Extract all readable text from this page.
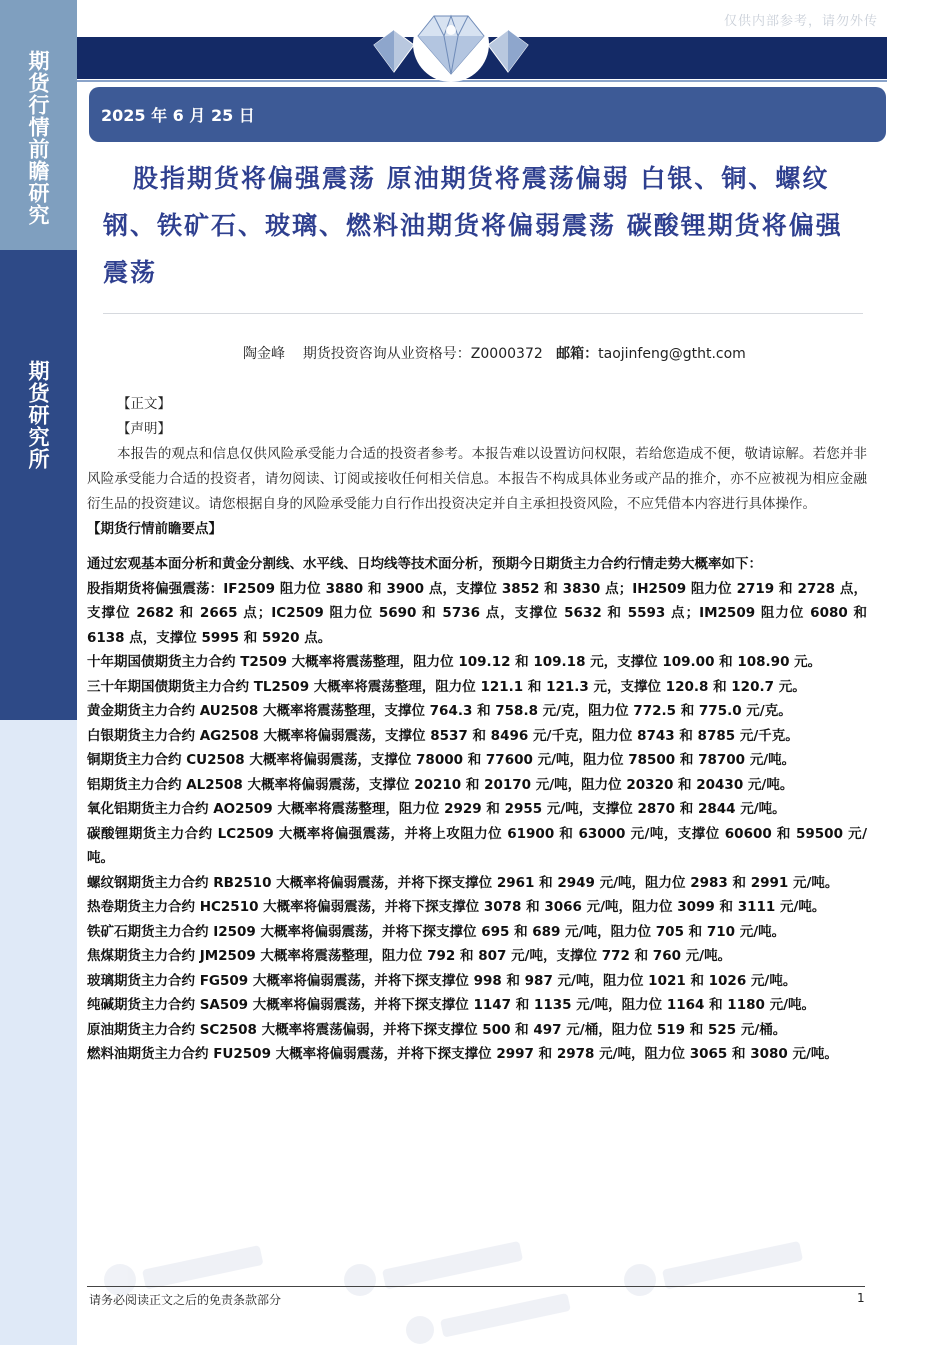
期货行情前瞻研究
期货研究所
仅供内部参考，请勿外传
2025 年 6 月 25 日
股指期货将偏强震荡 原油期货将震荡偏弱 白银、铜、螺纹钢、铁矿石、玻璃、燃料油期货将偏弱震荡 碳酸锂期货将偏强震荡
陶金峰 期货投资咨询从业资格号：Z0000372 邮箱：taojinfeng@gtht.com

【正文】

【声明】

本报告的观点和信息仅供风险承受能力合适的投资者参考。本报告难以设置访问权限，若给您造成不便，敬请谅解。若您并非风险承受能力合适的投资者，请勿阅读、订阅或接收任何相关信息。本报告不构成具体业务或产品的推介，亦不应被视为相应金融衍生品的投资建议。请您根据自身的风险承受能力自行作出投资决定并自主承担投资风险，不应凭借本内容进行具体操作。

【期货行情前瞻要点】

通过宏观基本面分析和黄金分割线、水平线、日均线等技术面分析，预期今日期货主力合约行情走势大概率如下：

股指期货将偏强震荡：IF2509 阻力位 3880 和 3900 点，支撑位 3852 和 3830 点；IH2509 阻力位 2719 和 2728 点，支撑位 2682 和 2665 点；IC2509 阻力位 5690 和 5736 点，支撑位 5632 和 5593 点；IM2509 阻力位 6080 和 6138 点，支撑位 5995 和 5920 点。

十年期国债期货主力合约 T2509 大概率将震荡整理，阻力位 109.12 和 109.18 元，支撑位 109.00 和 108.90 元。

三十年期国债期货主力合约 TL2509 大概率将震荡整理，阻力位 121.1 和 121.3 元，支撑位 120.8 和 120.7 元。

黄金期货主力合约 AU2508 大概率将震荡整理，支撑位 764.3 和 758.8 元/克，阻力位 772.5 和 775.0 元/克。

白银期货主力合约 AG2508 大概率将偏弱震荡，支撑位 8537 和 8496 元/千克，阻力位 8743 和 8785 元/千克。

铜期货主力合约 CU2508 大概率将偏弱震荡，支撑位 78000 和 77600 元/吨，阻力位 78500 和 78700 元/吨。

铝期货主力合约 AL2508 大概率将偏弱震荡，支撑位 20210 和 20170 元/吨，阻力位 20320 和 20430 元/吨。

氧化铝期货主力合约 AO2509 大概率将震荡整理，阻力位 2929 和 2955 元/吨，支撑位 2870 和 2844 元/吨。

碳酸锂期货主力合约 LC2509 大概率将偏强震荡，并将上攻阻力位 61900 和 63000 元/吨，支撑位 60600 和 59500 元/吨。

螺纹钢期货主力合约 RB2510 大概率将偏弱震荡，并将下探支撑位 2961 和 2949 元/吨，阻力位 2983 和 2991 元/吨。

热卷期货主力合约 HC2510 大概率将偏弱震荡，并将下探支撑位 3078 和 3066 元/吨，阻力位 3099 和 3111 元/吨。

铁矿石期货主力合约 I2509 大概率将偏弱震荡，并将下探支撑位 695 和 689 元/吨，阻力位 705 和 710 元/吨。

焦煤期货主力合约 JM2509 大概率将震荡整理，阻力位 792 和 807 元/吨，支撑位 772 和 760 元/吨。

玻璃期货主力合约 FG509 大概率将偏弱震荡，并将下探支撑位 998 和 987 元/吨，阻力位 1021 和 1026 元/吨。

纯碱期货主力合约 SA509 大概率将偏弱震荡，并将下探支撑位 1147 和 1135 元/吨，阻力位 1164 和 1180 元/吨。

原油期货主力合约 SC2508 大概率将震荡偏弱，并将下探支撑位 500 和 497 元/桶，阻力位 519 和 525 元/桶。

燃料油期货主力合约 FU2509 大概率将偏弱震荡，并将下探支撑位 2997 和 2978 元/吨，阻力位 3065 和 3080 元/吨。

请务必阅读正文之后的免责条款部分	1
